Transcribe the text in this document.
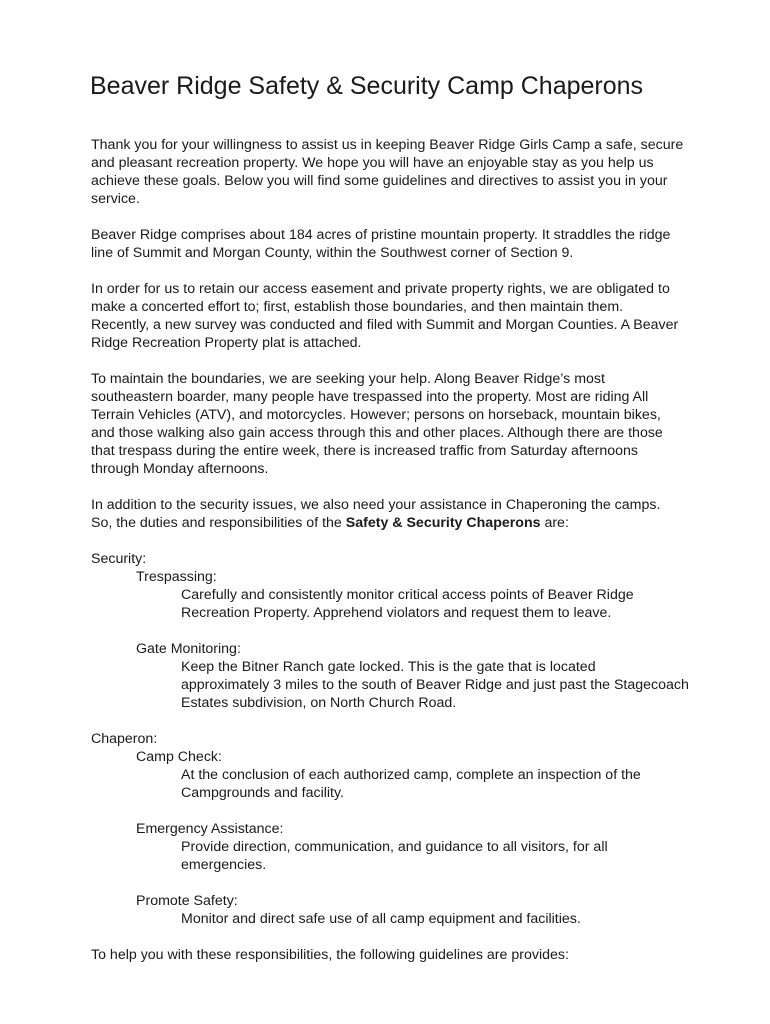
Beaver Ridge Safety & Security Camp Chaperons
Thank you for your willingness to assist us in keeping Beaver Ridge Girls Camp a safe, secure
and pleasant recreation property. We hope you will have an enjoyable stay as you help us
achieve these goals. Below you will find some guidelines and directives to assist you in your
service.
Beaver Ridge comprises about 184 acres of pristine mountain property. It straddles the ridge
line of Summit and Morgan County, within the Southwest corner of Section 9.
In order for us to retain our access easement and private property rights, we are obligated to
make a concerted effort to; first, establish those boundaries, and then maintain them.
Recently, a new survey was conducted and filed with Summit and Morgan Counties. A Beaver
Ridge Recreation Property plat is attached.
To maintain the boundaries, we are seeking your help. Along Beaver Ridge’s most
southeastern boarder, many people have trespassed into the property. Most are riding All
Terrain Vehicles (ATV), and motorcycles. However; persons on horseback, mountain bikes,
and those walking also gain access through this and other places. Although there are those
that trespass during the entire week, there is increased traffic from Saturday afternoons
through Monday afternoons.
In addition to the security issues, we also need your assistance in Chaperoning the camps.
So, the duties and responsibilities of the Safety & Security Chaperons are:
Security:
Trespassing:
Carefully and consistently monitor critical access points of Beaver Ridge
Recreation Property. Apprehend violators and request them to leave.
Gate Monitoring:
Keep the Bitner Ranch gate locked. This is the gate that is located
approximately 3 miles to the south of Beaver Ridge and just past the Stagecoach
Estates subdivision, on North Church Road.
Chaperon:
Camp Check:
At the conclusion of each authorized camp, complete an inspection of the
Campgrounds and facility.
Emergency Assistance:
Provide direction, communication, and guidance to all visitors, for all
emergencies.
Promote Safety:
Monitor and direct safe use of all camp equipment and facilities.
To help you with these responsibilities, the following guidelines are provides:
